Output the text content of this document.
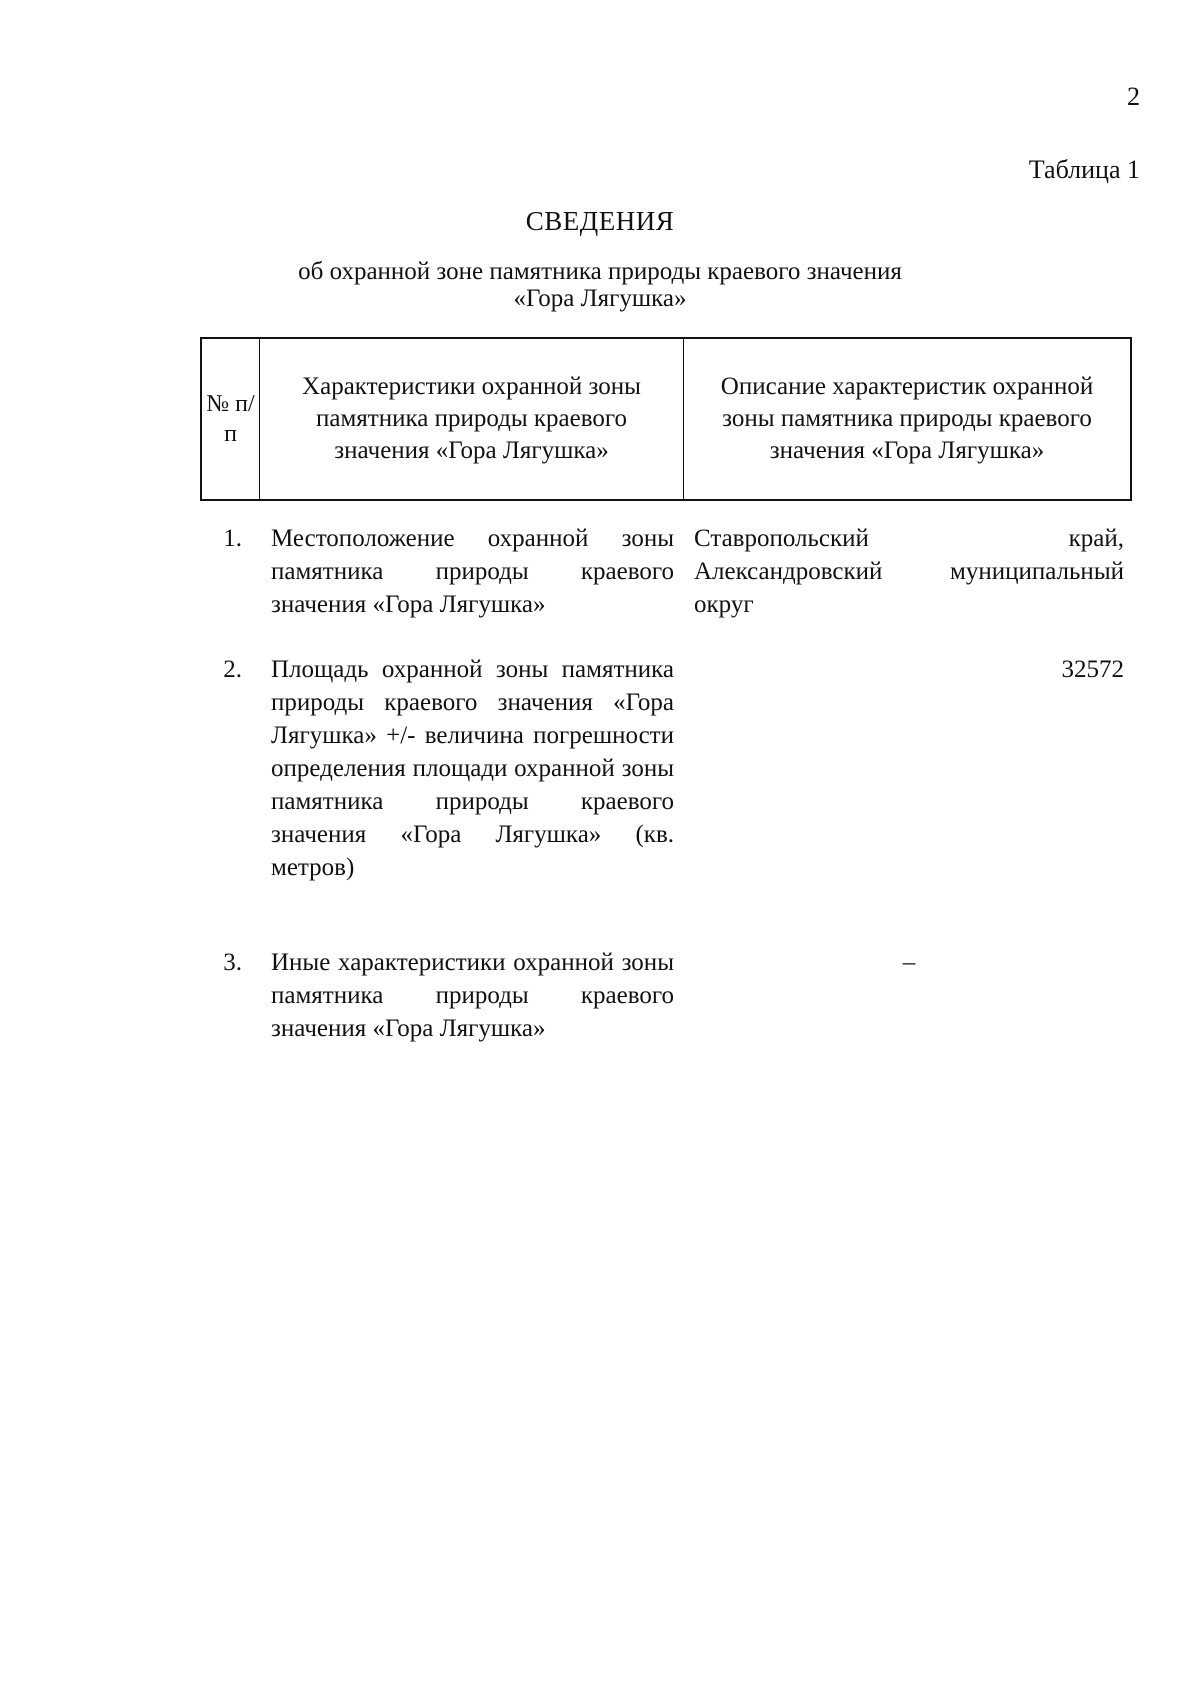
2
Таблица 1
СВЕДЕНИЯ
об охранной зоне памятника природы краевого значения
«Гора Лягушка»
№ п/п
Характеристики охранной зоны памятника природы краевого значения «Гора Лягушка»
Описание характеристик охранной зоны памятника природы краевого значения «Гора Лягушка»
1. Местоположение охранной зоны памятника природы краевого значения «Гора Лягушка»
Ставропольский край, Александровский муниципальный округ
2. Площадь охранной зоны памятника природы краевого значения «Гора Лягушка» +/- величина погрешности определения площади охранной зоны памятника природы краевого значения «Гора Лягушка» (кв. метров)
32572
3. Иные характеристики охранной зоны памятника природы краевого значения «Гора Лягушка»
–
